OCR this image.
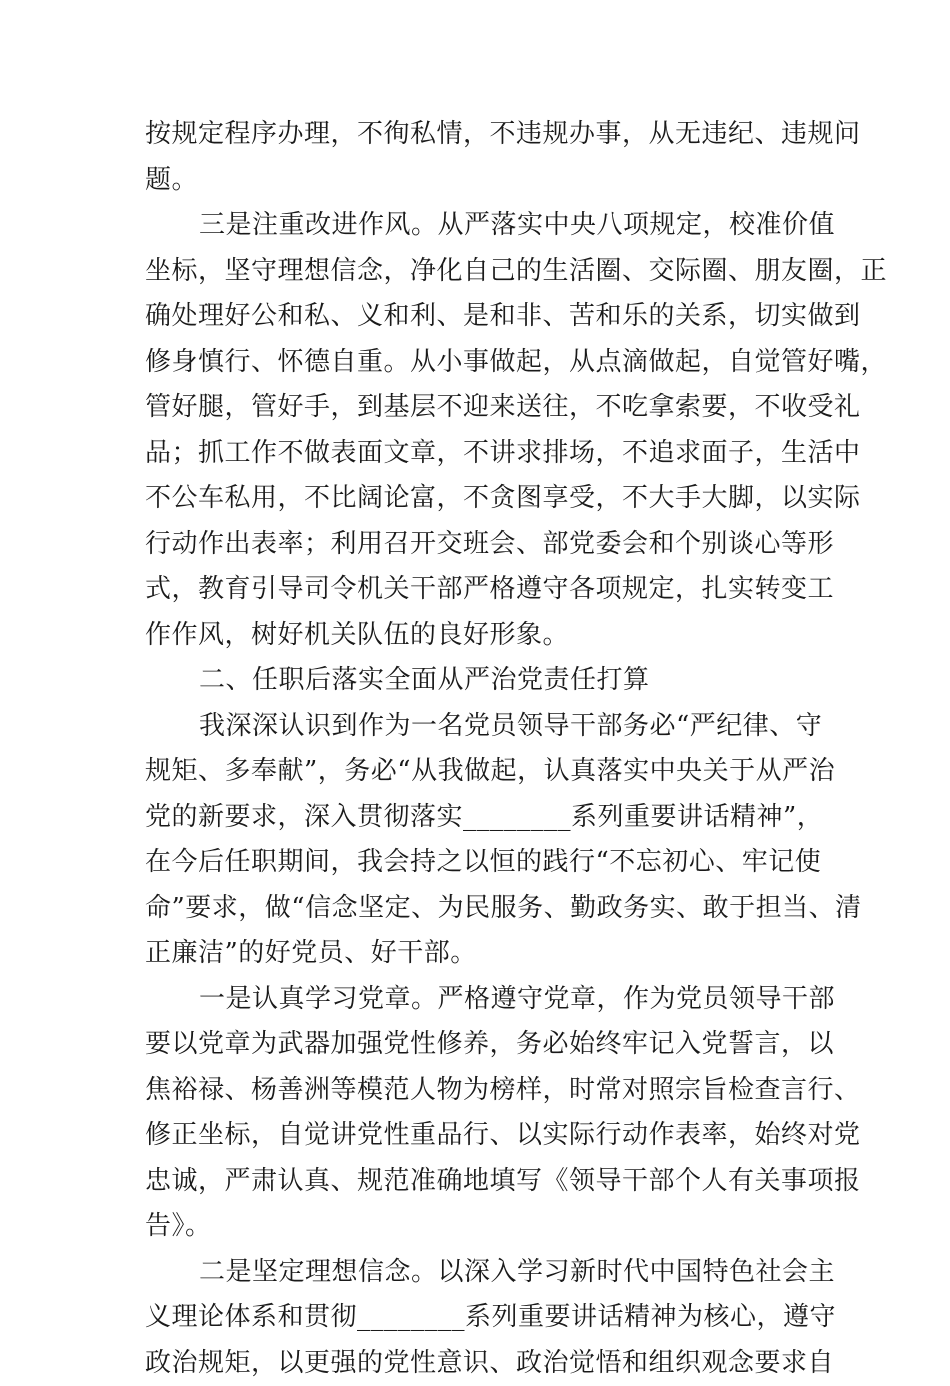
按规定程序办理，不徇私情，不违规办事，从无违纪、违规问
题。
三是注重改进作风。从严落实中央八项规定，校准价值
坐标，坚守理想信念，净化自己的生活圈、交际圈、朋友圈，正
确处理好公和私、义和利、是和非、苦和乐的关系，切实做到
修身慎行、怀德自重。从小事做起，从点滴做起，自觉管好嘴，
管好腿，管好手，到基层不迎来送往，不吃拿索要，不收受礼
品；抓工作不做表面文章，不讲求排场，不追求面子，生活中
不公车私用，不比阔论富，不贪图享受，不大手大脚，以实际
行动作出表率；利用召开交班会、部党委会和个别谈心等形
式，教育引导司令机关干部严格遵守各项规定，扎实转变工
作作风，树好机关队伍的良好形象。
二、任职后落实全面从严治党责任打算
我深深认识到作为一名党员领导干部务必“严纪律、守
规矩、多奉献”，务必“从我做起，认真落实中央关于从严治
党的新要求，深入贯彻落实________系列重要讲话精神”，
在今后任职期间，我会持之以恒的践行“不忘初心、牢记使
命”要求，做“信念坚定、为民服务、勤政务实、敢于担当、清
正廉洁”的好党员、好干部。
一是认真学习党章。严格遵守党章，作为党员领导干部
要以党章为武器加强党性修养，务必始终牢记入党誓言，以
焦裕禄、杨善洲等模范人物为榜样，时常对照宗旨检查言行、
修正坐标，自觉讲党性重品行、以实际行动作表率，始终对党
忠诚，严肃认真、规范准确地填写《领导干部个人有关事项报
告》。
二是坚定理想信念。以深入学习新时代中国特色社会主
义理论体系和贯彻________系列重要讲话精神为核心，遵守
政治规矩，以更强的党性意识、政治觉悟和组织观念要求自
